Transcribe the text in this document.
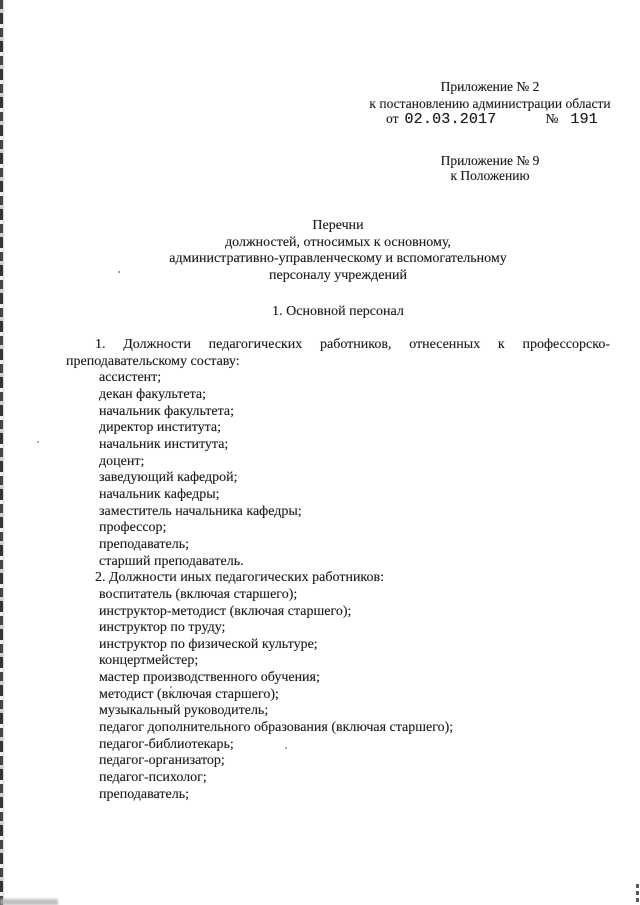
Приложение № 2
к постановлению администрации области
от 02.03.2017	№ 191
Приложение № 9
к Положению
Перечни
должностей, относимых к основному,
административно-управленческому и вспомогательному
персоналу учреждений
1. Основной персонал
1. Должности педагогических работников, отнесенных к профессорско-
преподавательскому составу:
ассистент;
декан факультета;
начальник факультета;
директор института;
начальник института;
доцент;
заведующий кафедрой;
начальник кафедры;
заместитель начальника кафедры;
профессор;
преподаватель;
старший преподаватель.
2. Должности иных педагогических работников:
воспитатель (включая старшего);
инструктор-методист (включая старшего);
инструктор по труду;
инструктор по физической культуре;
концертмейстер;
мастер производственного обучения;
методист (включая старшего);
музыкальный руководитель;
педагог дополнительного образования (включая старшего);
педагог-библиотекарь;
педагог-организатор;
педагог-психолог;
преподаватель;
